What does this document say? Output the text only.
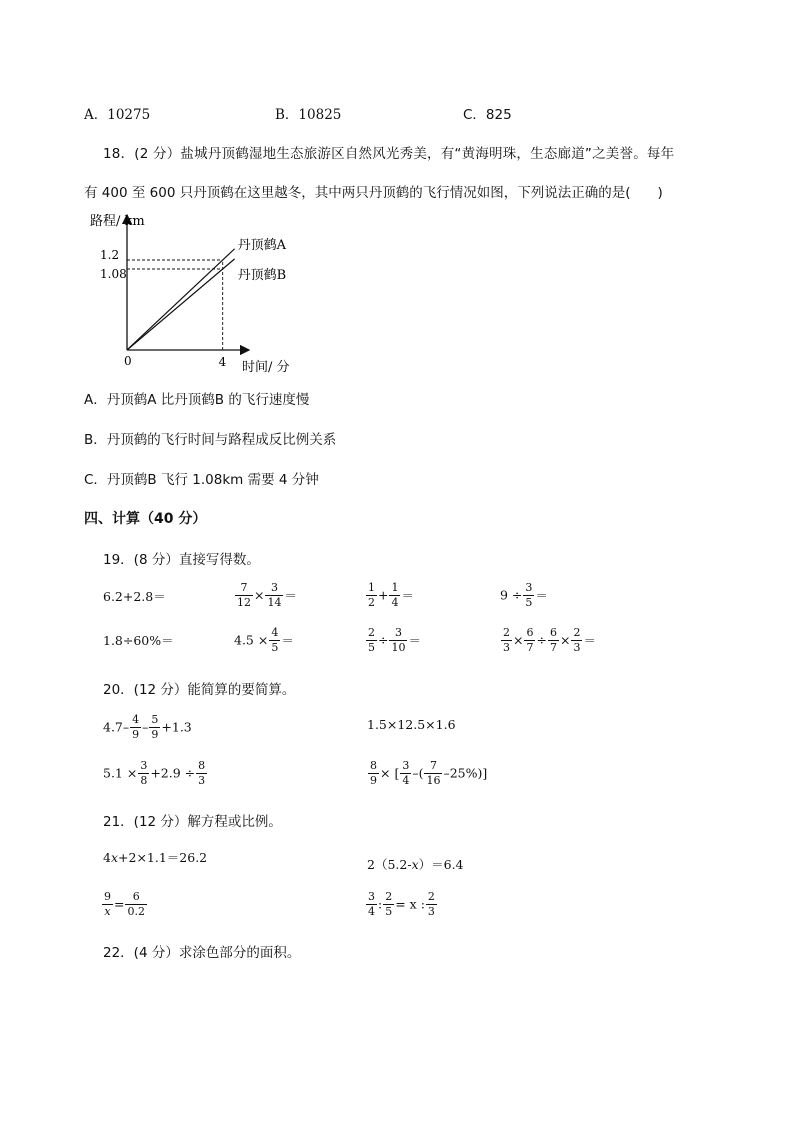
A．10275	B．10825	C．825
18．(2 分）盐城丹顶鹤湿地生态旅游区自然风光秀美，有“黄海明珠，生态廊道”之美誉。每年
有 400 至 600 只丹顶鹤在这里越冬，其中两只丹顶鹤的飞行情况如图，下列说法正确的是(　　)
路程/ km
时间/ 分
0
1.08
1.2
4
丹顶鹤A
丹顶鹤B
A．丹顶鹤A 比丹顶鹤B 的飞行速度慢
B．丹顶鹤的飞行时间与路程成反比例关系
C．丹顶鹤B 飞行 1.08km 需要 4 分钟
四、计算（40 分）
19．(8 分）直接写得数。
6.2+2.8＝	$\frac{7}{12} \times \frac{3}{14}$ ＝	$\frac{1}{2} + \frac{1}{4}$ ＝	$9 \div \frac{3}{5}$ ＝
1.8÷60%＝	$4.5 \times \frac{4}{5}$ ＝	$\frac{2}{5} \div \frac{3}{10}$ ＝	$\frac{2}{3} \times \frac{6}{7} \div \frac{6}{7} \times \frac{2}{3}$ ＝
20．(12 分）能简算的要简算。
$4.7- \frac{4}{9} - \frac{5}{9} +1.3$	1.5×12.5×1.6
$5.1 \times \frac{3}{8} +2.9 \div \frac{8}{3}$	$\frac{8}{9}$ × [ $\frac{3}{4}$ –( $\frac{7}{16} -25\%$)]
21．(12 分）解方程或比例。
4x+2×1.1＝26.2	2（5.2-x）＝6.4
$\frac{9}{x} = \frac{6}{0.2}$	$\frac{3}{4}$ : $\frac{2}{5} = x$ : $\frac{2}{3}$
22．(4 分）求涂色部分的面积。
